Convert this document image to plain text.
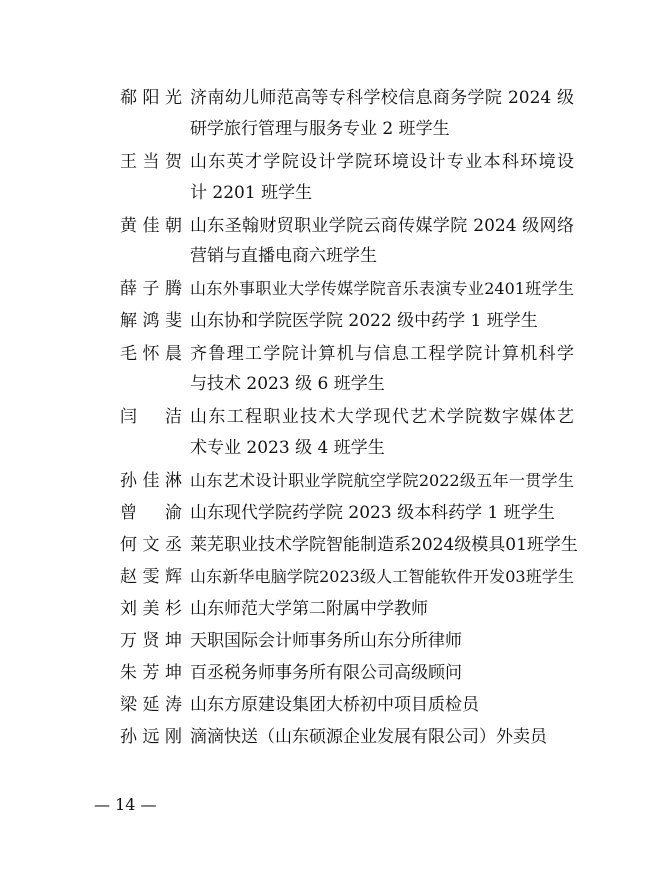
郗阳光 济南幼儿师范高等专科学校信息商务学院 2024 级
研学旅行管理与服务专业 2 班学生
王当贺 山东英才学院设计学院环境设计专业本科环境设
计 2201 班学生
黄佳朝 山东圣翰财贸职业学院云商传媒学院 2024 级网络
营销与直播电商六班学生
薛子腾 山东外事职业大学传媒学院音乐表演专业2401班学生
解鸿斐 山东协和学院医学院 2022 级中药学 1 班学生
毛怀晨 齐鲁理工学院计算机与信息工程学院计算机科学
与技术 2023 级 6 班学生
闫　洁 山东工程职业技术大学现代艺术学院数字媒体艺
术专业 2023 级 4 班学生
孙佳淋 山东艺术设计职业学院航空学院2022级五年一贯学生
曾　渝 山东现代学院药学院 2023 级本科药学 1 班学生
何文丞 莱芜职业技术学院智能制造系2024级模具01班学生
赵雯辉 山东新华电脑学院2023级人工智能软件开发03班学生
刘美杉 山东师范大学第二附属中学教师
万贤坤 天职国际会计师事务所山东分所律师
朱芳坤 百丞税务师事务所有限公司高级顾问
梁延涛 山东方原建设集团大桥初中项目质检员
孙远刚 滴滴快送（山东硕源企业发展有限公司）外卖员
— 14 —
